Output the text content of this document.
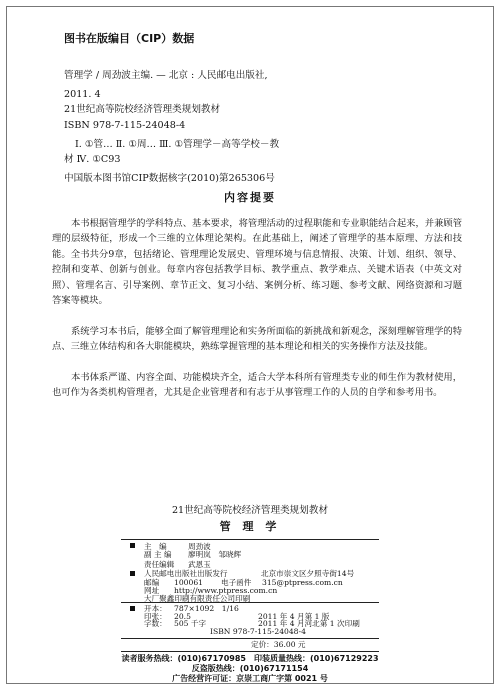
图书在版编目（CIP）数据
管理学 / 周劲波主编. — 北京 : 人民邮电出版社,
2011. 4
21世纪高等院校经济管理类规划教材
ISBN 978-7-115-24048-4
Ⅰ. ①管… Ⅱ. ①周… Ⅲ. ①管理学－高等学校－教
材 Ⅳ. ①C93
中国版本图书馆CIP数据核字(2010)第265306号
内容提要
本书根据管理学的学科特点、基本要求，将管理活动的过程职能和专业职能结合起来，并兼顾管理的层级特征，形成一个三维的立体理论架构。在此基础上，阐述了管理学的基本原理、方法和技能。全书共分9章，包括绪论、管理理论发展史、管理环境与信息情报、决策、计划、组织、领导、控制和变革、创新与创业。每章内容包括教学目标、教学重点、教学难点、关键术语表（中英文对照）、管理名言、引导案例、章节正文、复习小结、案例分析、练习题、参考文献、网络资源和习题答案等模块。
系统学习本书后，能够全面了解管理理论和实务所面临的新挑战和新观念，深刻理解管理学的特点、三维立体结构和各大职能模块，熟练掌握管理的基本理论和相关的实务操作方法及技能。
本书体系严谨、内容全面、功能模块齐全，适合大学本科所有管理类专业的师生作为教材使用，也可作为各类机构管理者，尤其是企业管理者和有志于从事管理工作的人员的自学和参考用书。
21世纪高等院校经济管理类规划教材
管 理 学
主　编	周劲波
副 主 编 廖明岚　邹晓辉
责任编辑 武恩玉
人民邮电出版社出版发行	北京市崇文区夕照寺街14号
邮编 100061 电子函件 315@ptpress.com.cn
网址 http://www.ptpress.com.cn
大厂聚鑫印刷有限责任公司印刷
开本： 787×1092　1/16
印张： 20.5	2011 年 4 月第 1 版
字数： 505 千字	2011 年 4 月河北第 1 次印刷
ISBN 978-7-115-24048-4
定价：36.00 元
读者服务热线：(010)67170985　印装质量热线：(010)67129223
反盗版热线：(010)67171154
广告经营许可证：京崇工商广字第 0021 号
